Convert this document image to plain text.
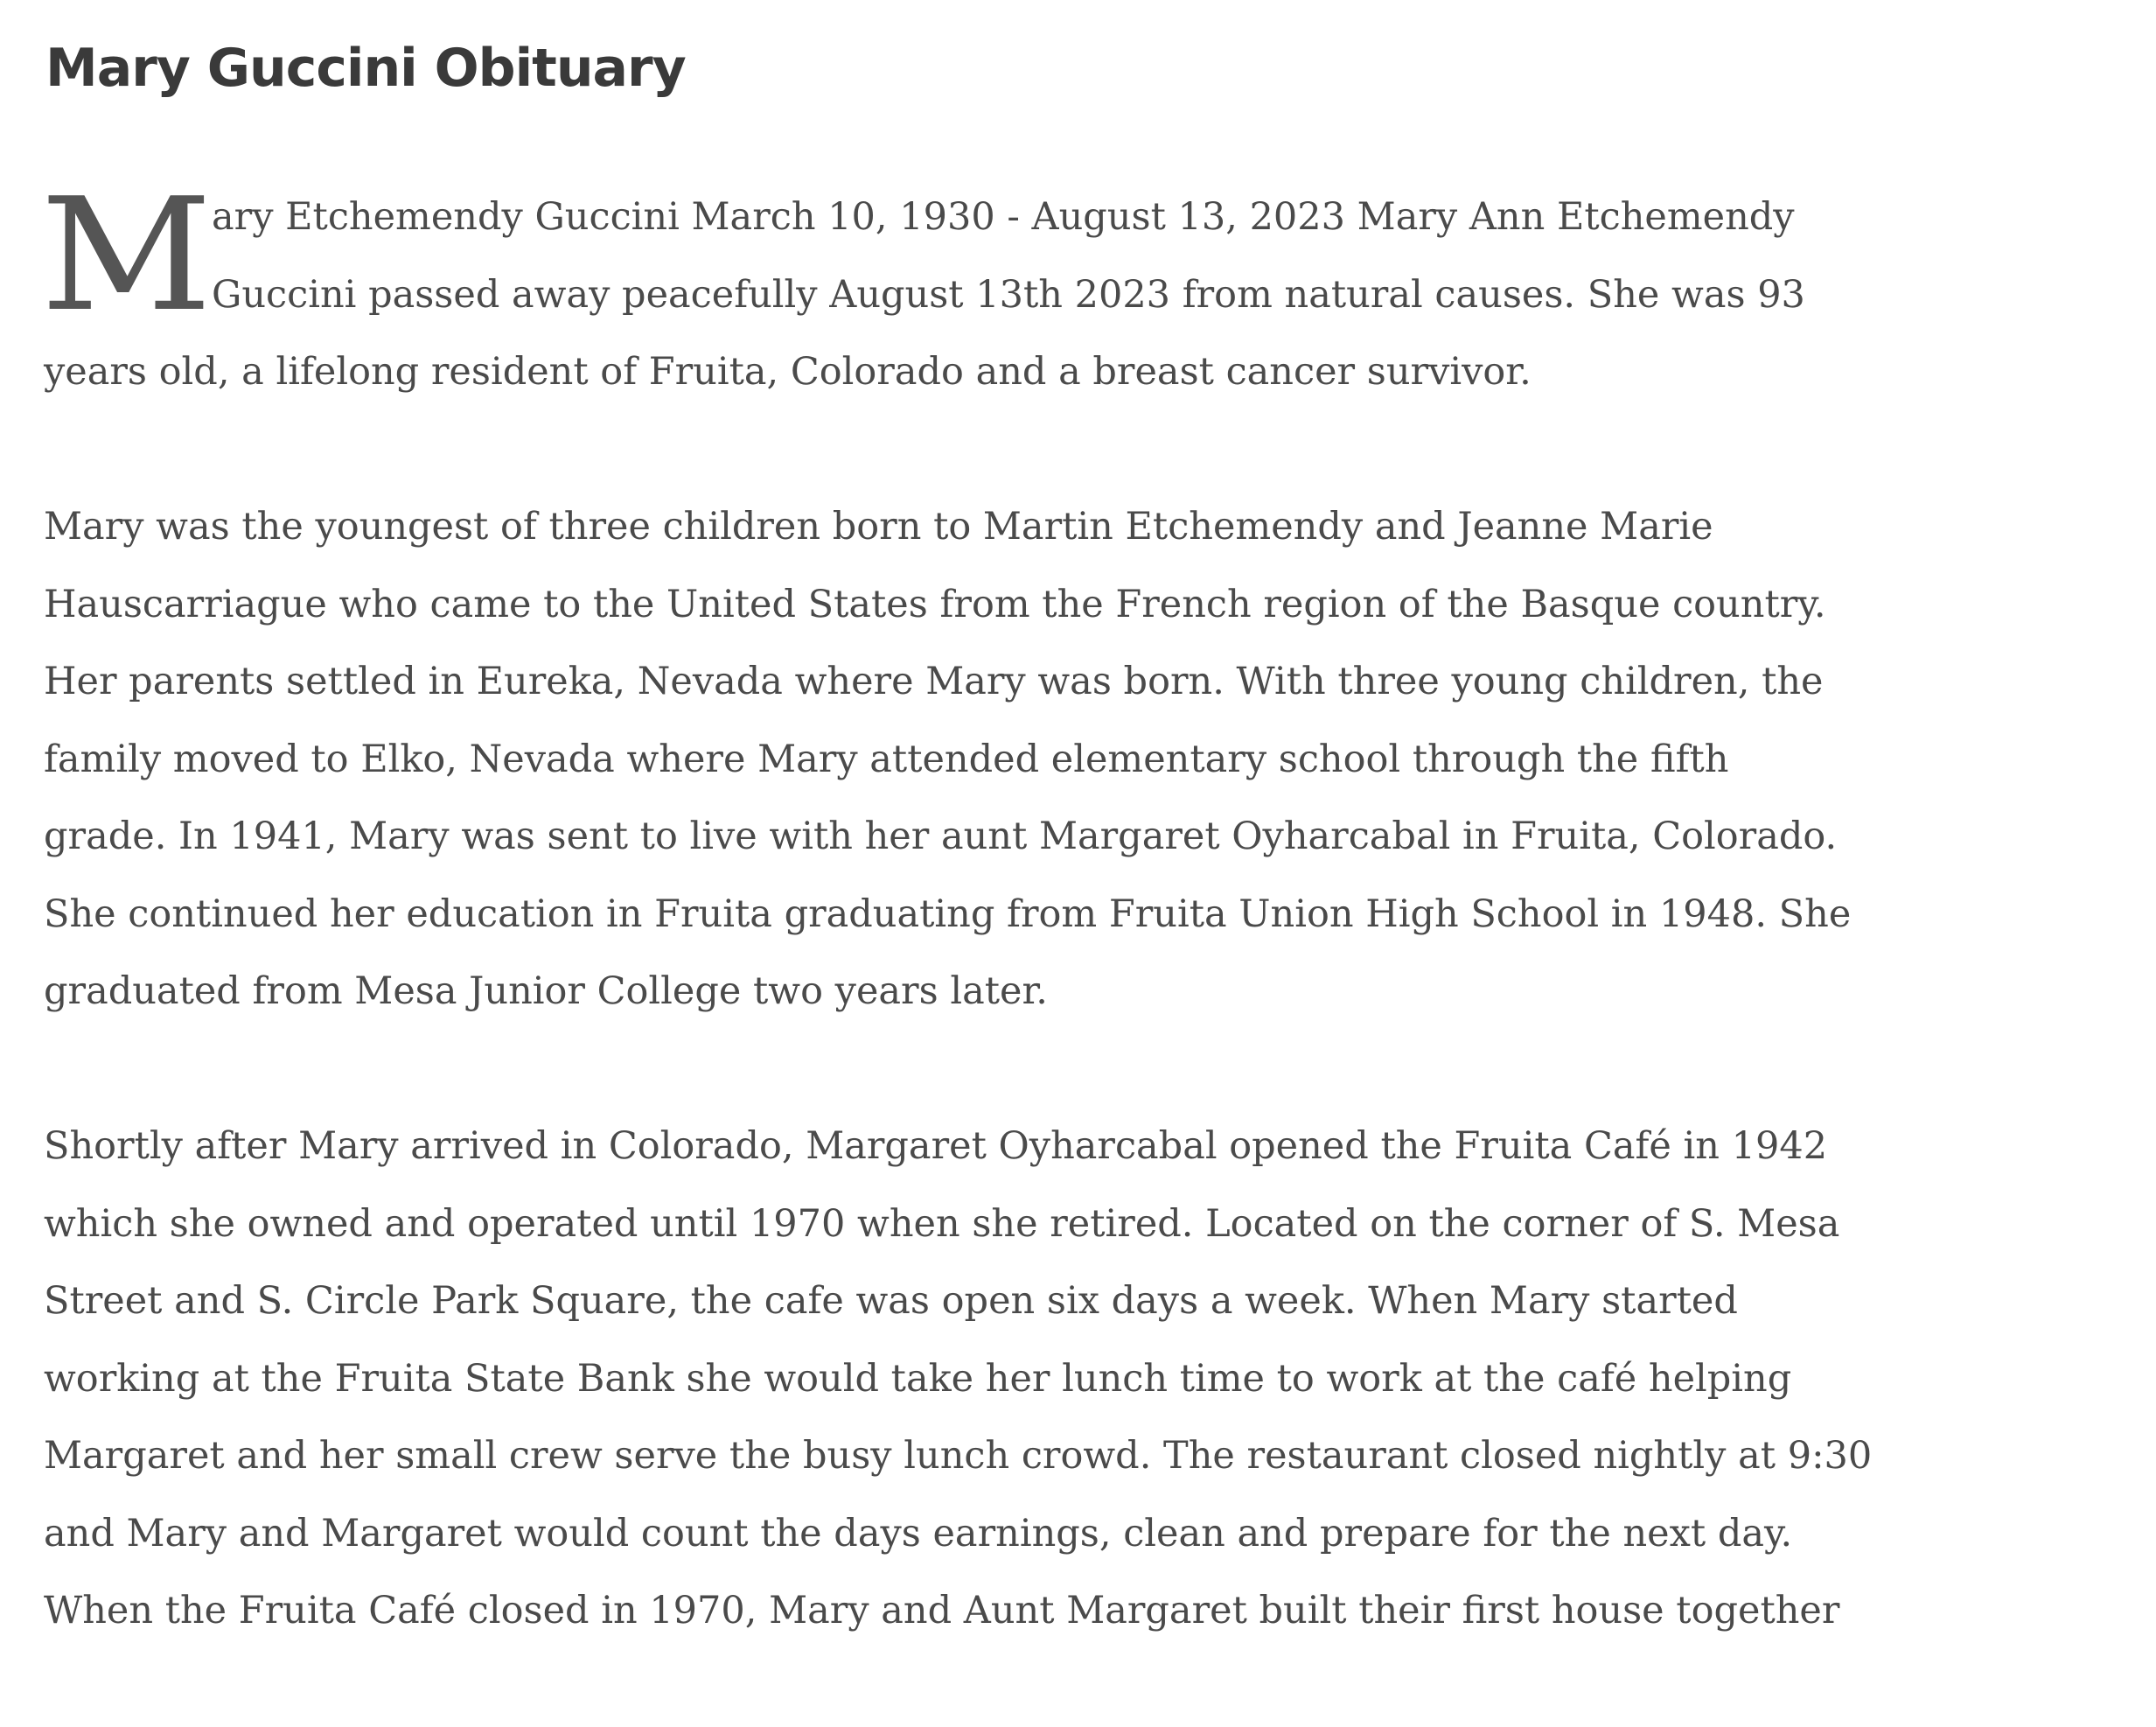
Mary Guccini Obituary

M ary Etchemendy Guccini March 10, 1930 - August 13, 2023 Mary Ann Etchemendy
Guccini passed away peacefully August 13th 2023 from natural causes. She was 93
years old, a lifelong resident of Fruita, Colorado and a breast cancer survivor.

Mary was the youngest of three children born to Martin Etchemendy and Jeanne Marie
Hauscarriague who came to the United States from the French region of the Basque country.
Her parents settled in Eureka, Nevada where Mary was born. With three young children, the
family moved to Elko, Nevada where Mary attended elementary school through the fifth
grade. In 1941, Mary was sent to live with her aunt Margaret Oyharcabal in Fruita, Colorado.
She continued her education in Fruita graduating from Fruita Union High School in 1948. She
graduated from Mesa Junior College two years later.

Shortly after Mary arrived in Colorado, Margaret Oyharcabal opened the Fruita Café in 1942
which she owned and operated until 1970 when she retired. Located on the corner of S. Mesa
Street and S. Circle Park Square, the cafe was open six days a week. When Mary started
working at the Fruita State Bank she would take her lunch time to work at the café helping
Margaret and her small crew serve the busy lunch crowd. The restaurant closed nightly at 9:30
and Mary and Margaret would count the days earnings, clean and prepare for the next day.
When the Fruita Café closed in 1970, Mary and Aunt Margaret built their first house together
